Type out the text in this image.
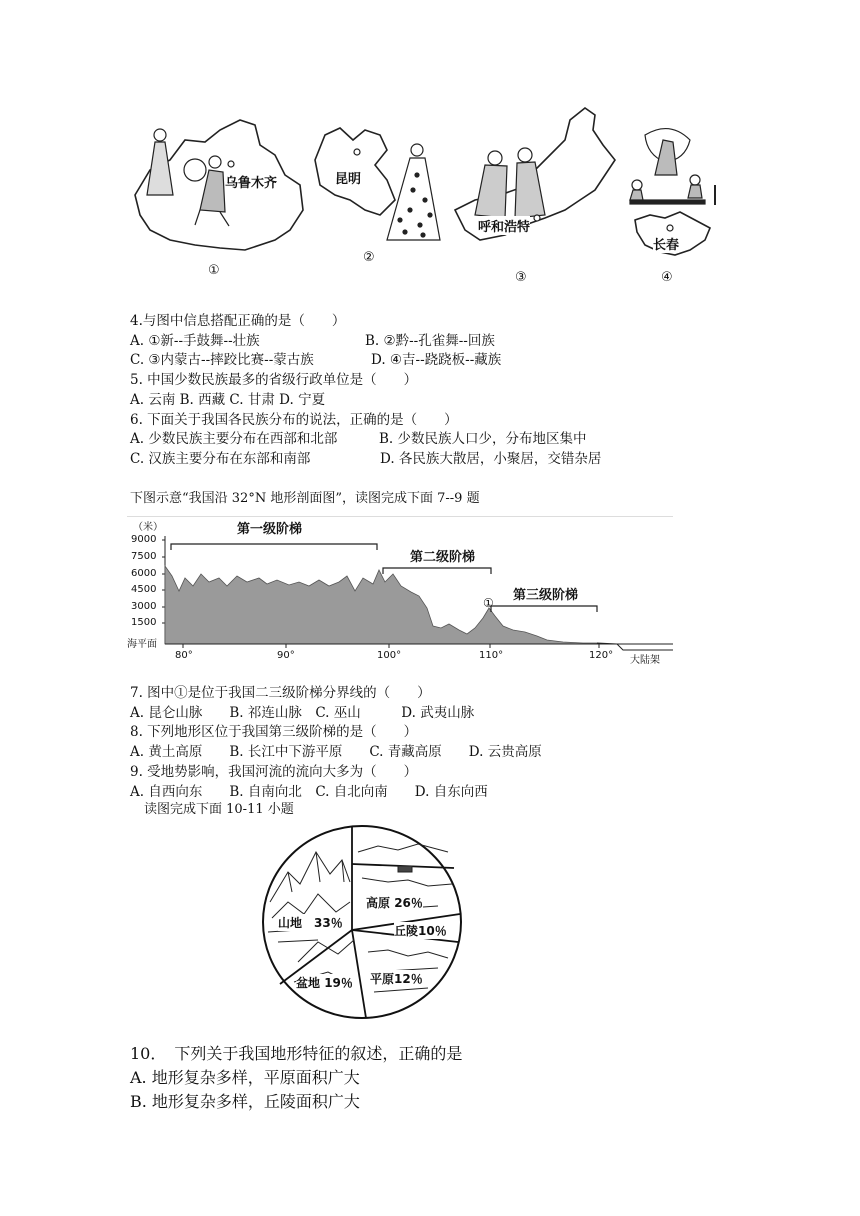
乌鲁木齐	昆明
呼和浩特
长春
①
②
③	④
4.与图中信息搭配正确的是（　　）
A. ①新--手鼓舞--壮族	B. ②黔--孔雀舞--回族
C. ③内蒙古--摔跤比赛--蒙古族	D. ④吉--跷跷板--藏族
5. 中国少数民族最多的省级行政单位是（　　）
A. 云南 B. 西藏 C. 甘肃 D. 宁夏
6. 下面关于我国各民族分布的说法，正确的是（　　）
A. 少数民族主要分布在西部和北部	B. 少数民族人口少，分布地区集中
C. 汉族主要分布在东部和南部	D. 各民族大散居，小聚居，交错杂居
下图示意“我国沿 32°N 地形剖面图”，读图完成下面 7--9 题
（米）
9000
7500
6000
4500
3000
1500
海平面
80°	90°	100°	110°	120° 大陆架
第一级阶梯
第二级阶梯
第三级阶梯
四川
盆地
①
7. 图中①是位于我国二三级阶梯分界线的（　　）
A. 昆仑山脉　　B. 祁连山脉　C. 巫山　　　D. 武夷山脉
8. 下列地形区位于我国第三级阶梯的是（　　）
A. 黄土高原　　B. 长江中下游平原　　C. 青藏高原　　D. 云贵高原
9. 受地势影响，我国河流的流向大多为（　　）
A. 自西向东　　B. 自南向北　C. 自北向南　　D. 自东向西
读图完成下面 10-11 小题
山地　 33％
高原 26％
丘陵10％
盆地 19％ 平原12％
10．　下列关于我国地形特征的叙述，正确的是
A. 地形复杂多样，平原面积广大
B. 地形复杂多样，丘陵面积广大
